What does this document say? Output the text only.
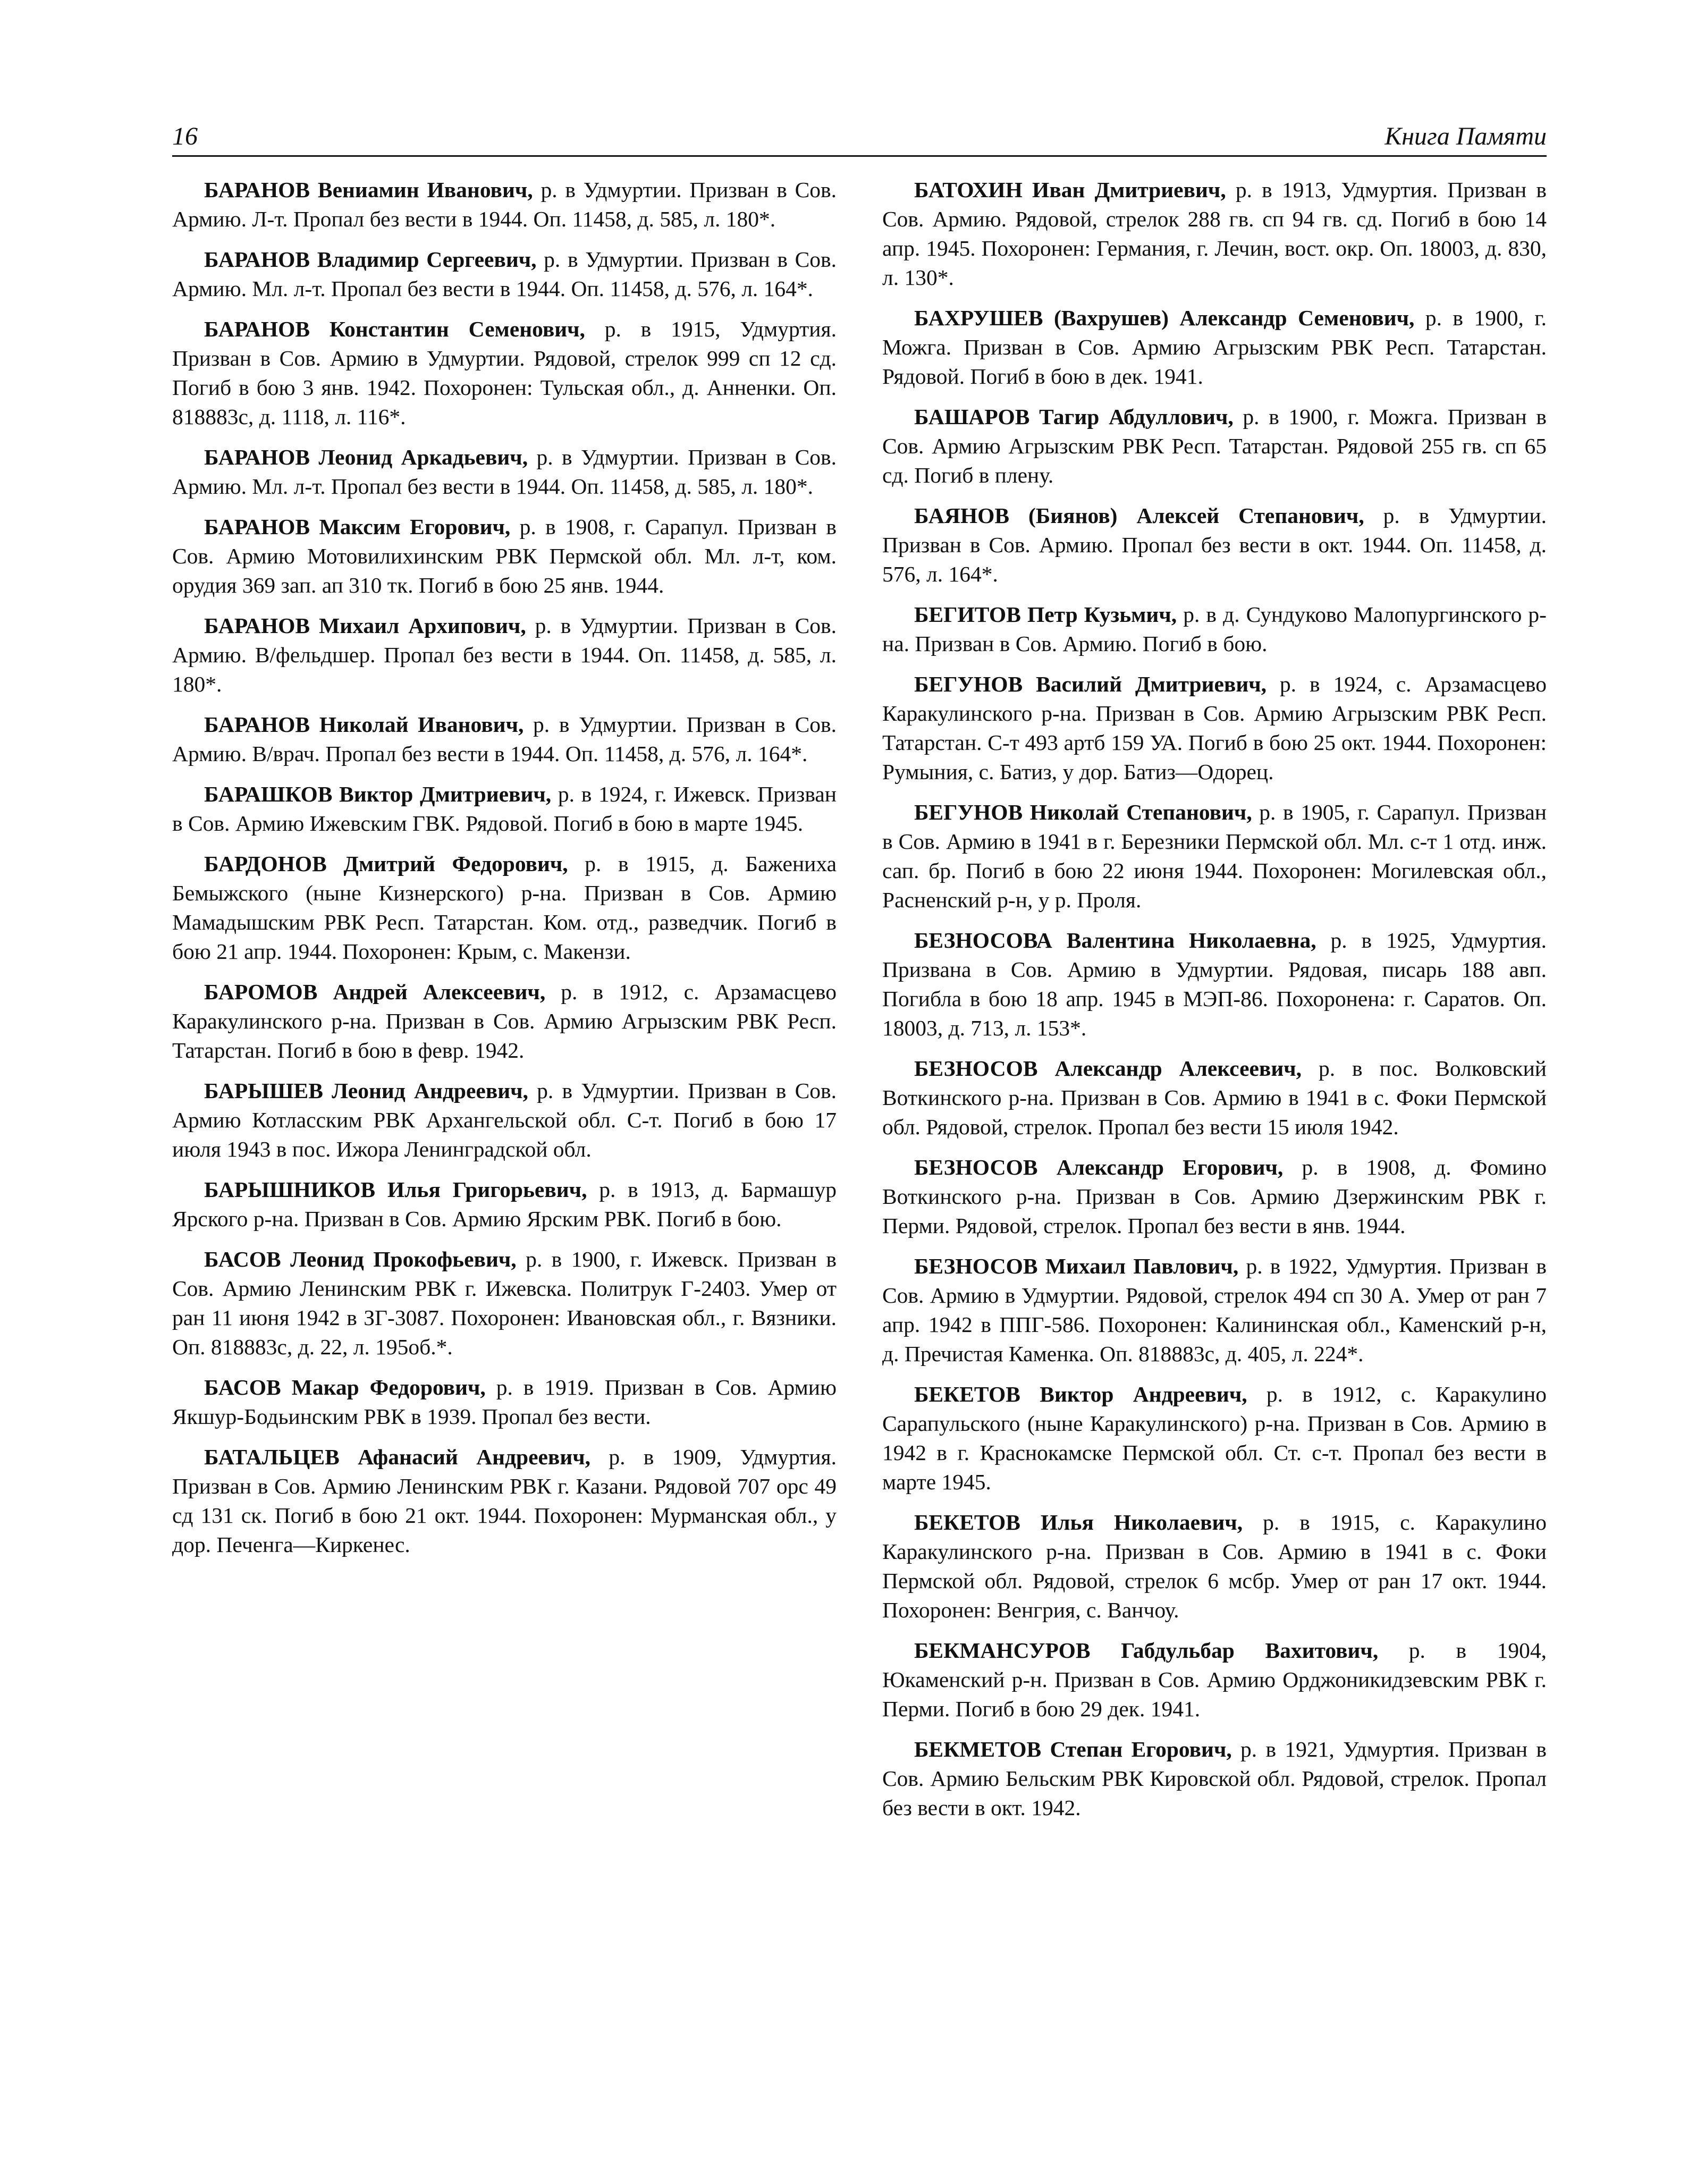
16	Книга Памяти

БАРАНОВ Вениамин Иванович, р. в Удмуртии. Призван в Сов. Армию. Л-т. Пропал без вести в 1944. Оп. 11458, д. 585, л. 180*.

БАРАНОВ Владимир Сергеевич, р. в Удмуртии. Призван в Сов. Армию. Мл. л-т. Пропал без вести в 1944. Оп. 11458, д. 576, л. 164*.

БАРАНОВ Константин Семенович, р. в 1915, Удмуртия. Призван в Сов. Армию в Удмуртии. Рядовой, стрелок 999 сп 12 сд. Погиб в бою 3 янв. 1942. Похоронен: Тульская обл., д. Анненки. Оп. 818883с, д. 1118, л. 116*.

БАРАНОВ Леонид Аркадьевич, р. в Удмуртии. Призван в Сов. Армию. Мл. л-т. Пропал без вести в 1944. Оп. 11458, д. 585, л. 180*.

БАРАНОВ Максим Егорович, р. в 1908, г. Сарапул. Призван в Сов. Армию Мотовилихинским РВК Пермской обл. Мл. л-т, ком. орудия 369 зап. ап 310 тк. Погиб в бою 25 янв. 1944.

БАРАНОВ Михаил Архипович, р. в Удмуртии. Призван в Сов. Армию. В/фельдшер. Пропал без вести в 1944. Оп. 11458, д. 585, л. 180*.

БАРАНОВ Николай Иванович, р. в Удмуртии. Призван в Сов. Армию. В/врач. Пропал без вести в 1944. Оп. 11458, д. 576, л. 164*.

БАРАШКОВ Виктор Дмитриевич, р. в 1924, г. Ижевск. Призван в Сов. Армию Ижевским ГВК. Рядовой. Погиб в бою в марте 1945.

БАРДОНОВ Дмитрий Федорович, р. в 1915, д. Бажениха Бемыжского (ныне Кизнерского) р-на. Призван в Сов. Армию Мамадышским РВК Респ. Татарстан. Ком. отд., разведчик. Погиб в бою 21 апр. 1944. Похоронен: Крым, с. Макензи.

БАРОМОВ Андрей Алексеевич, р. в 1912, с. Арзамасцево Каракулинского р-на. Призван в Сов. Армию Агрызским РВК Респ. Татарстан. Погиб в бою в февр. 1942.

БАРЫШЕВ Леонид Андреевич, р. в Удмуртии. Призван в Сов. Армию Котласским РВК Архангельской обл. С-т. Погиб в бою 17 июля 1943 в пос. Ижора Ленинградской обл.

БАРЫШНИКОВ Илья Григорьевич, р. в 1913, д. Бармашур Ярского р-на. Призван в Сов. Армию Ярским РВК. Погиб в бою.

БАСОВ Леонид Прокофьевич, р. в 1900, г. Ижевск. Призван в Сов. Армию Ленинским РВК г. Ижевска. Политрук Г-2403. Умер от ран 11 июня 1942 в ЗГ-3087. Похоронен: Ивановская обл., г. Вязники. Оп. 818883с, д. 22, л. 195об.*.

БАСОВ Макар Федорович, р. в 1919. Призван в Сов. Армию Якшур-Бодьинским РВК в 1939. Пропал без вести.

БАТАЛЬЦЕВ Афанасий Андреевич, р. в 1909, Удмуртия. Призван в Сов. Армию Ленинским РВК г. Казани. Рядовой 707 орс 49 сд 131 ск. Погиб в бою 21 окт. 1944. Похоронен: Мурманская обл., у дор. Печенга—Киркенес.

БАТОХИН Иван Дмитриевич, р. в 1913, Удмуртия. Призван в Сов. Армию. Рядовой, стрелок 288 гв. сп 94 гв. сд. Погиб в бою 14 апр. 1945. Похоронен: Германия, г. Лечин, вост. окр. Оп. 18003, д. 830, л. 130*.

БАХРУШЕВ (Вахрушев) Александр Семенович, р. в 1900, г. Можга. Призван в Сов. Армию Агрызским РВК Респ. Татарстан. Рядовой. Погиб в бою в дек. 1941.

БАШАРОВ Тагир Абдуллович, р. в 1900, г. Можга. Призван в Сов. Армию Агрызским РВК Респ. Татарстан. Рядовой 255 гв. сп 65 сд. Погиб в плену.

БАЯНОВ (Биянов) Алексей Степанович, р. в Удмуртии. Призван в Сов. Армию. Пропал без вести в окт. 1944. Оп. 11458, д. 576, л. 164*.

БЕГИТОВ Петр Кузьмич, р. в д. Сундуково Малопургинского р-на. Призван в Сов. Армию. Погиб в бою.

БЕГУНОВ Василий Дмитриевич, р. в 1924, с. Арзамасцево Каракулинского р-на. Призван в Сов. Армию Агрызским РВК Респ. Татарстан. С-т 493 артб 159 УА. Погиб в бою 25 окт. 1944. Похоронен: Румыния, с. Батиз, у дор. Батиз—Одорец.

БЕГУНОВ Николай Степанович, р. в 1905, г. Сарапул. Призван в Сов. Армию в 1941 в г. Березники Пермской обл. Мл. с-т 1 отд. инж. сап. бр. Погиб в бою 22 июня 1944. Похоронен: Могилевская обл., Расненский р-н, у р. Проля.

БЕЗНОСОВА Валентина Николаевна, р. в 1925, Удмуртия. Призвана в Сов. Армию в Удмуртии. Рядовая, писарь 188 авп. Погибла в бою 18 апр. 1945 в МЭП-86. Похоронена: г. Саратов. Оп. 18003, д. 713, л. 153*.

БЕЗНОСОВ Александр Алексеевич, р. в пос. Волковский Воткинского р-на. Призван в Сов. Армию в 1941 в с. Фоки Пермской обл. Рядовой, стрелок. Пропал без вести 15 июля 1942.

БЕЗНОСОВ Александр Егорович, р. в 1908, д. Фомино Воткинского р-на. Призван в Сов. Армию Дзержинским РВК г. Перми. Рядовой, стрелок. Пропал без вести в янв. 1944.

БЕЗНОСОВ Михаил Павлович, р. в 1922, Удмуртия. Призван в Сов. Армию в Удмуртии. Рядовой, стрелок 494 сп 30 А. Умер от ран 7 апр. 1942 в ППГ-586. Похоронен: Калининская обл., Каменский р-н, д. Пречистая Каменка. Оп. 818883с, д. 405, л. 224*.

БЕКЕТОВ Виктор Андреевич, р. в 1912, с. Каракулино Сарапульского (ныне Каракулинского) р-на. Призван в Сов. Армию в 1942 в г. Краснокамске Пермской обл. Ст. с-т. Пропал без вести в марте 1945.

БЕКЕТОВ Илья Николаевич, р. в 1915, с. Каракулино Каракулинского р-на. Призван в Сов. Армию в 1941 в с. Фоки Пермской обл. Рядовой, стрелок 6 мсбр. Умер от ран 17 окт. 1944. Похоронен: Венгрия, с. Ванчоу.

БЕКМАНСУРОВ Габдульбар Вахитович, р. в 1904, Юкаменский р-н. Призван в Сов. Армию Орджоникидзевским РВК г. Перми. Погиб в бою 29 дек. 1941.

БЕКМЕТОВ Степан Егорович, р. в 1921, Удмуртия. Призван в Сов. Армию Бельским РВК Кировской обл. Рядовой, стрелок. Пропал без вести в окт. 1942.
